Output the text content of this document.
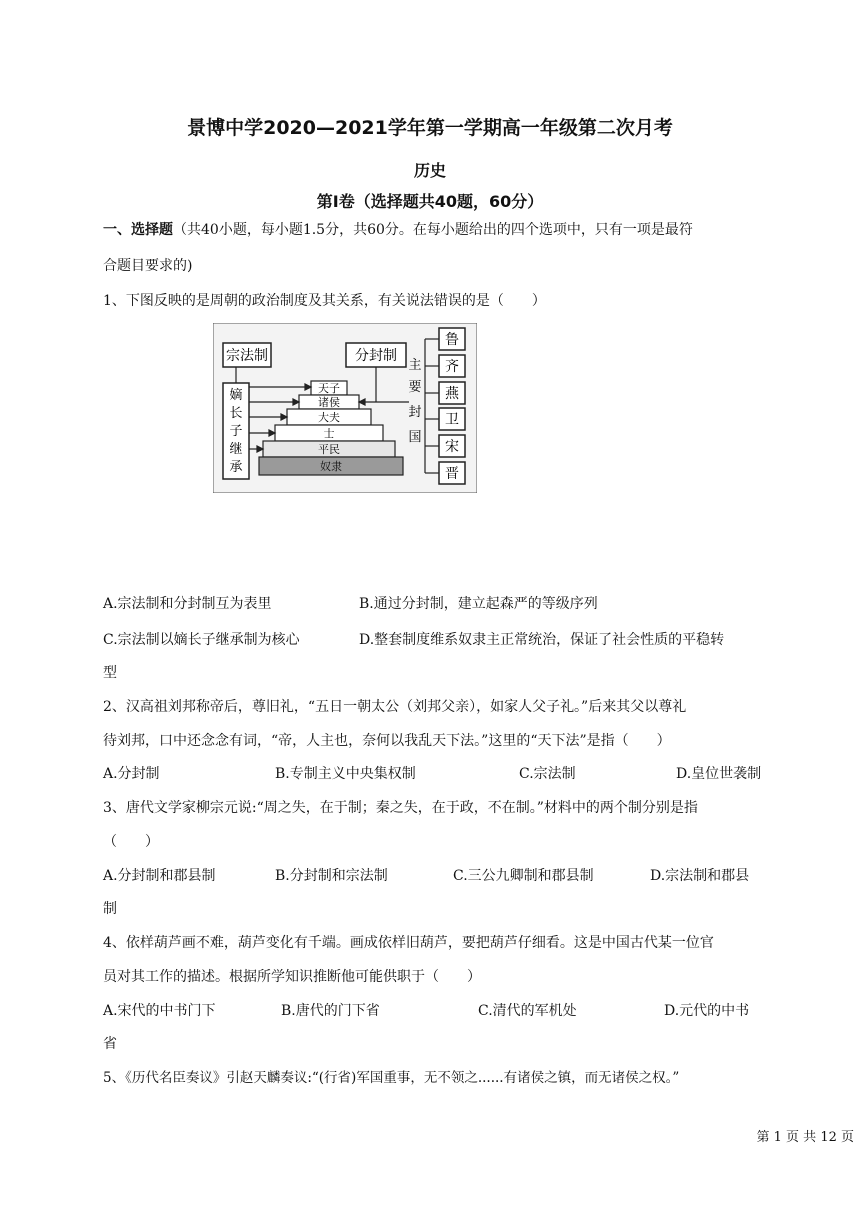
景博中学2020—2021学年第一学期高一年级第二次月考
历史
第Ⅰ卷（选择题共40题，60分）
一、选择题（共40小题，每小题1.5分，共60分。在每小题给出的四个选项中，只有一项是最符
合题目要求的)
1、下图反映的是周朝的政治制度及其关系，有关说法错误的是（　　）
宗法制	分封制
嫡
长
子
继
承
天子
诸侯
大夫
士
平民
奴隶
主
要
封
国
鲁
齐
燕
卫
宋
晋
A.宗法制和分封制互为表里	B.通过分封制，建立起森严的等级序列
C.宗法制以嫡长子继承制为核心	D.整套制度维系奴隶主正常统治，保证了社会性质的平稳转
型
2、汉高祖刘邦称帝后，尊旧礼，“五日一朝太公（刘邦父亲），如家人父子礼。”后来其父以尊礼
待刘邦，口中还念念有词，“帝，人主也，奈何以我乱天下法。”这里的“天下法”是指（　　）
A.分封制	B.专制主义中央集权制	C.宗法制	D.皇位世袭制
3、唐代文学家柳宗元说:“周之失，在于制；秦之失，在于政，不在制。”材料中的两个制分别是指
（　　）
A.分封制和郡县制	B.分封制和宗法制	C.三公九卿制和郡县制	D.宗法制和郡县
制
4、依样葫芦画不难，葫芦变化有千端。画成依样旧葫芦，要把葫芦仔细看。这是中国古代某一位官
员对其工作的描述。根据所学知识推断他可能供职于（　　）
A.宋代的中书门下	B.唐代的门下省	C.清代的军机处	D.元代的中书
省
5、《历代名臣奏议》引赵天麟奏议:“(行省)军国重事，无不领之......有诸侯之镇，而无诸侯之权。”
第 1 页 共 12 页
